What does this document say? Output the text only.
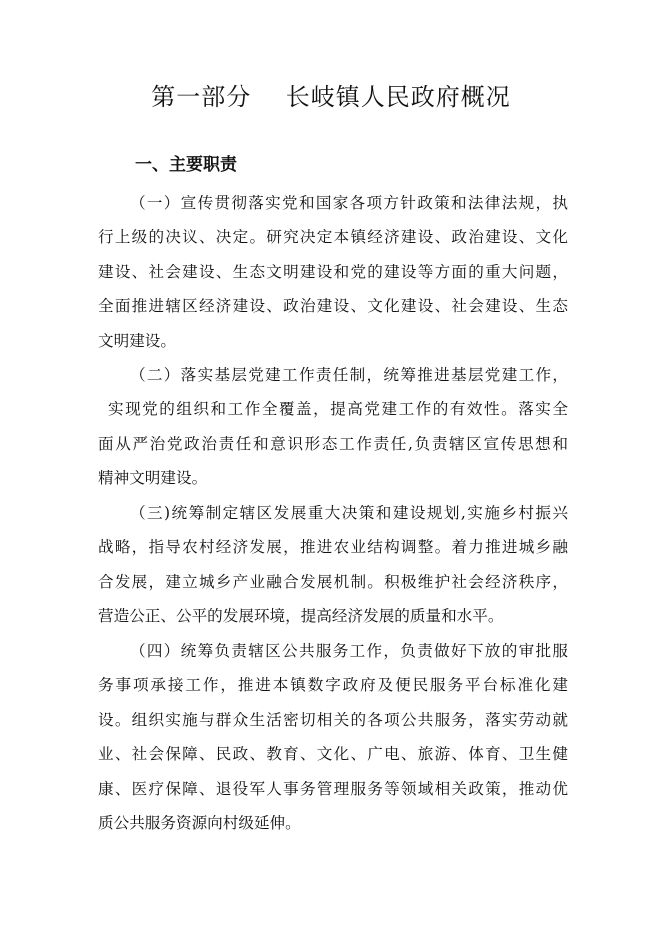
第一部分    长岐镇人民政府概况
一、主要职责

（一）宣传贯彻落实党和国家各项方针政策和法律法规，执
行上级的决议、决定。研究决定本镇经济建设、政治建设、文化
建设、社会建设、生态文明建设和党的建设等方面的重大问题，
全面推进辖区经济建设、政治建设、文化建设、社会建设、生态
文明建设。

（二）落实基层党建工作责任制，统筹推进基层党建工作，
实现党的组织和工作全覆盖，提高党建工作的有效性。落实全
面从严治党政治责任和意识形态工作责任,负责辖区宣传思想和
精神文明建设。

（三)统筹制定辖区发展重大决策和建设规划,实施乡村振兴
战略，指导农村经济发展，推进农业结构调整。着力推进城乡融
合发展，建立城乡产业融合发展机制。积极维护社会经济秩序，
营造公正、公平的发展环境，提高经济发展的质量和水平。

（四）统筹负责辖区公共服务工作，负责做好下放的审批服
务事项承接工作，推进本镇数字政府及便民服务平台标准化建
设。组织实施与群众生活密切相关的各项公共服务，落实劳动就
业、社会保障、民政、教育、文化、广电、旅游、体育、卫生健
康、医疗保障、退役军人事务管理服务等领域相关政策，推动优
质公共服务资源向村级延伸。
